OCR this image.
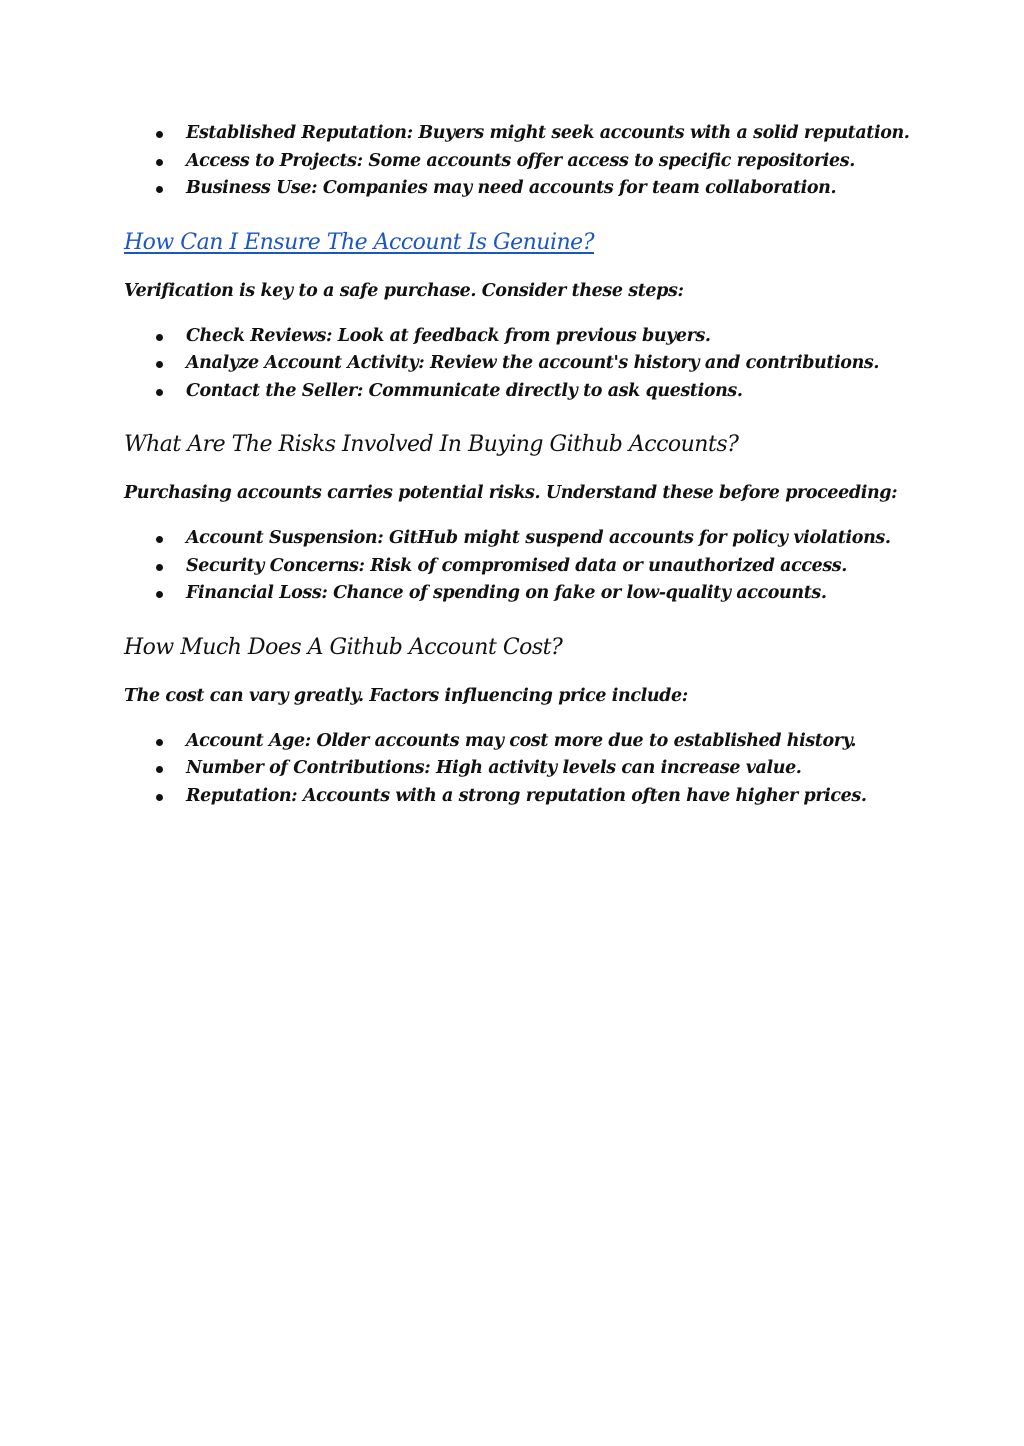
Established Reputation: Buyers might seek accounts with a solid reputation.
Access to Projects: Some accounts offer access to specific repositories.
Business Use: Companies may need accounts for team collaboration.
How Can I Ensure The Account Is Genuine?

Verification is key to a safe purchase. Consider these steps:

Check Reviews: Look at feedback from previous buyers.
Analyze Account Activity: Review the account's history and contributions.
Contact the Seller: Communicate directly to ask questions.
What Are The Risks Involved In Buying Github Accounts?

Purchasing accounts carries potential risks. Understand these before proceeding:

Account Suspension: GitHub might suspend accounts for policy violations.
Security Concerns: Risk of compromised data or unauthorized access.
Financial Loss: Chance of spending on fake or low-quality accounts.
How Much Does A Github Account Cost?

The cost can vary greatly. Factors influencing price include:

Account Age: Older accounts may cost more due to established history.
Number of Contributions: High activity levels can increase value.
Reputation: Accounts with a strong reputation often have higher prices.
